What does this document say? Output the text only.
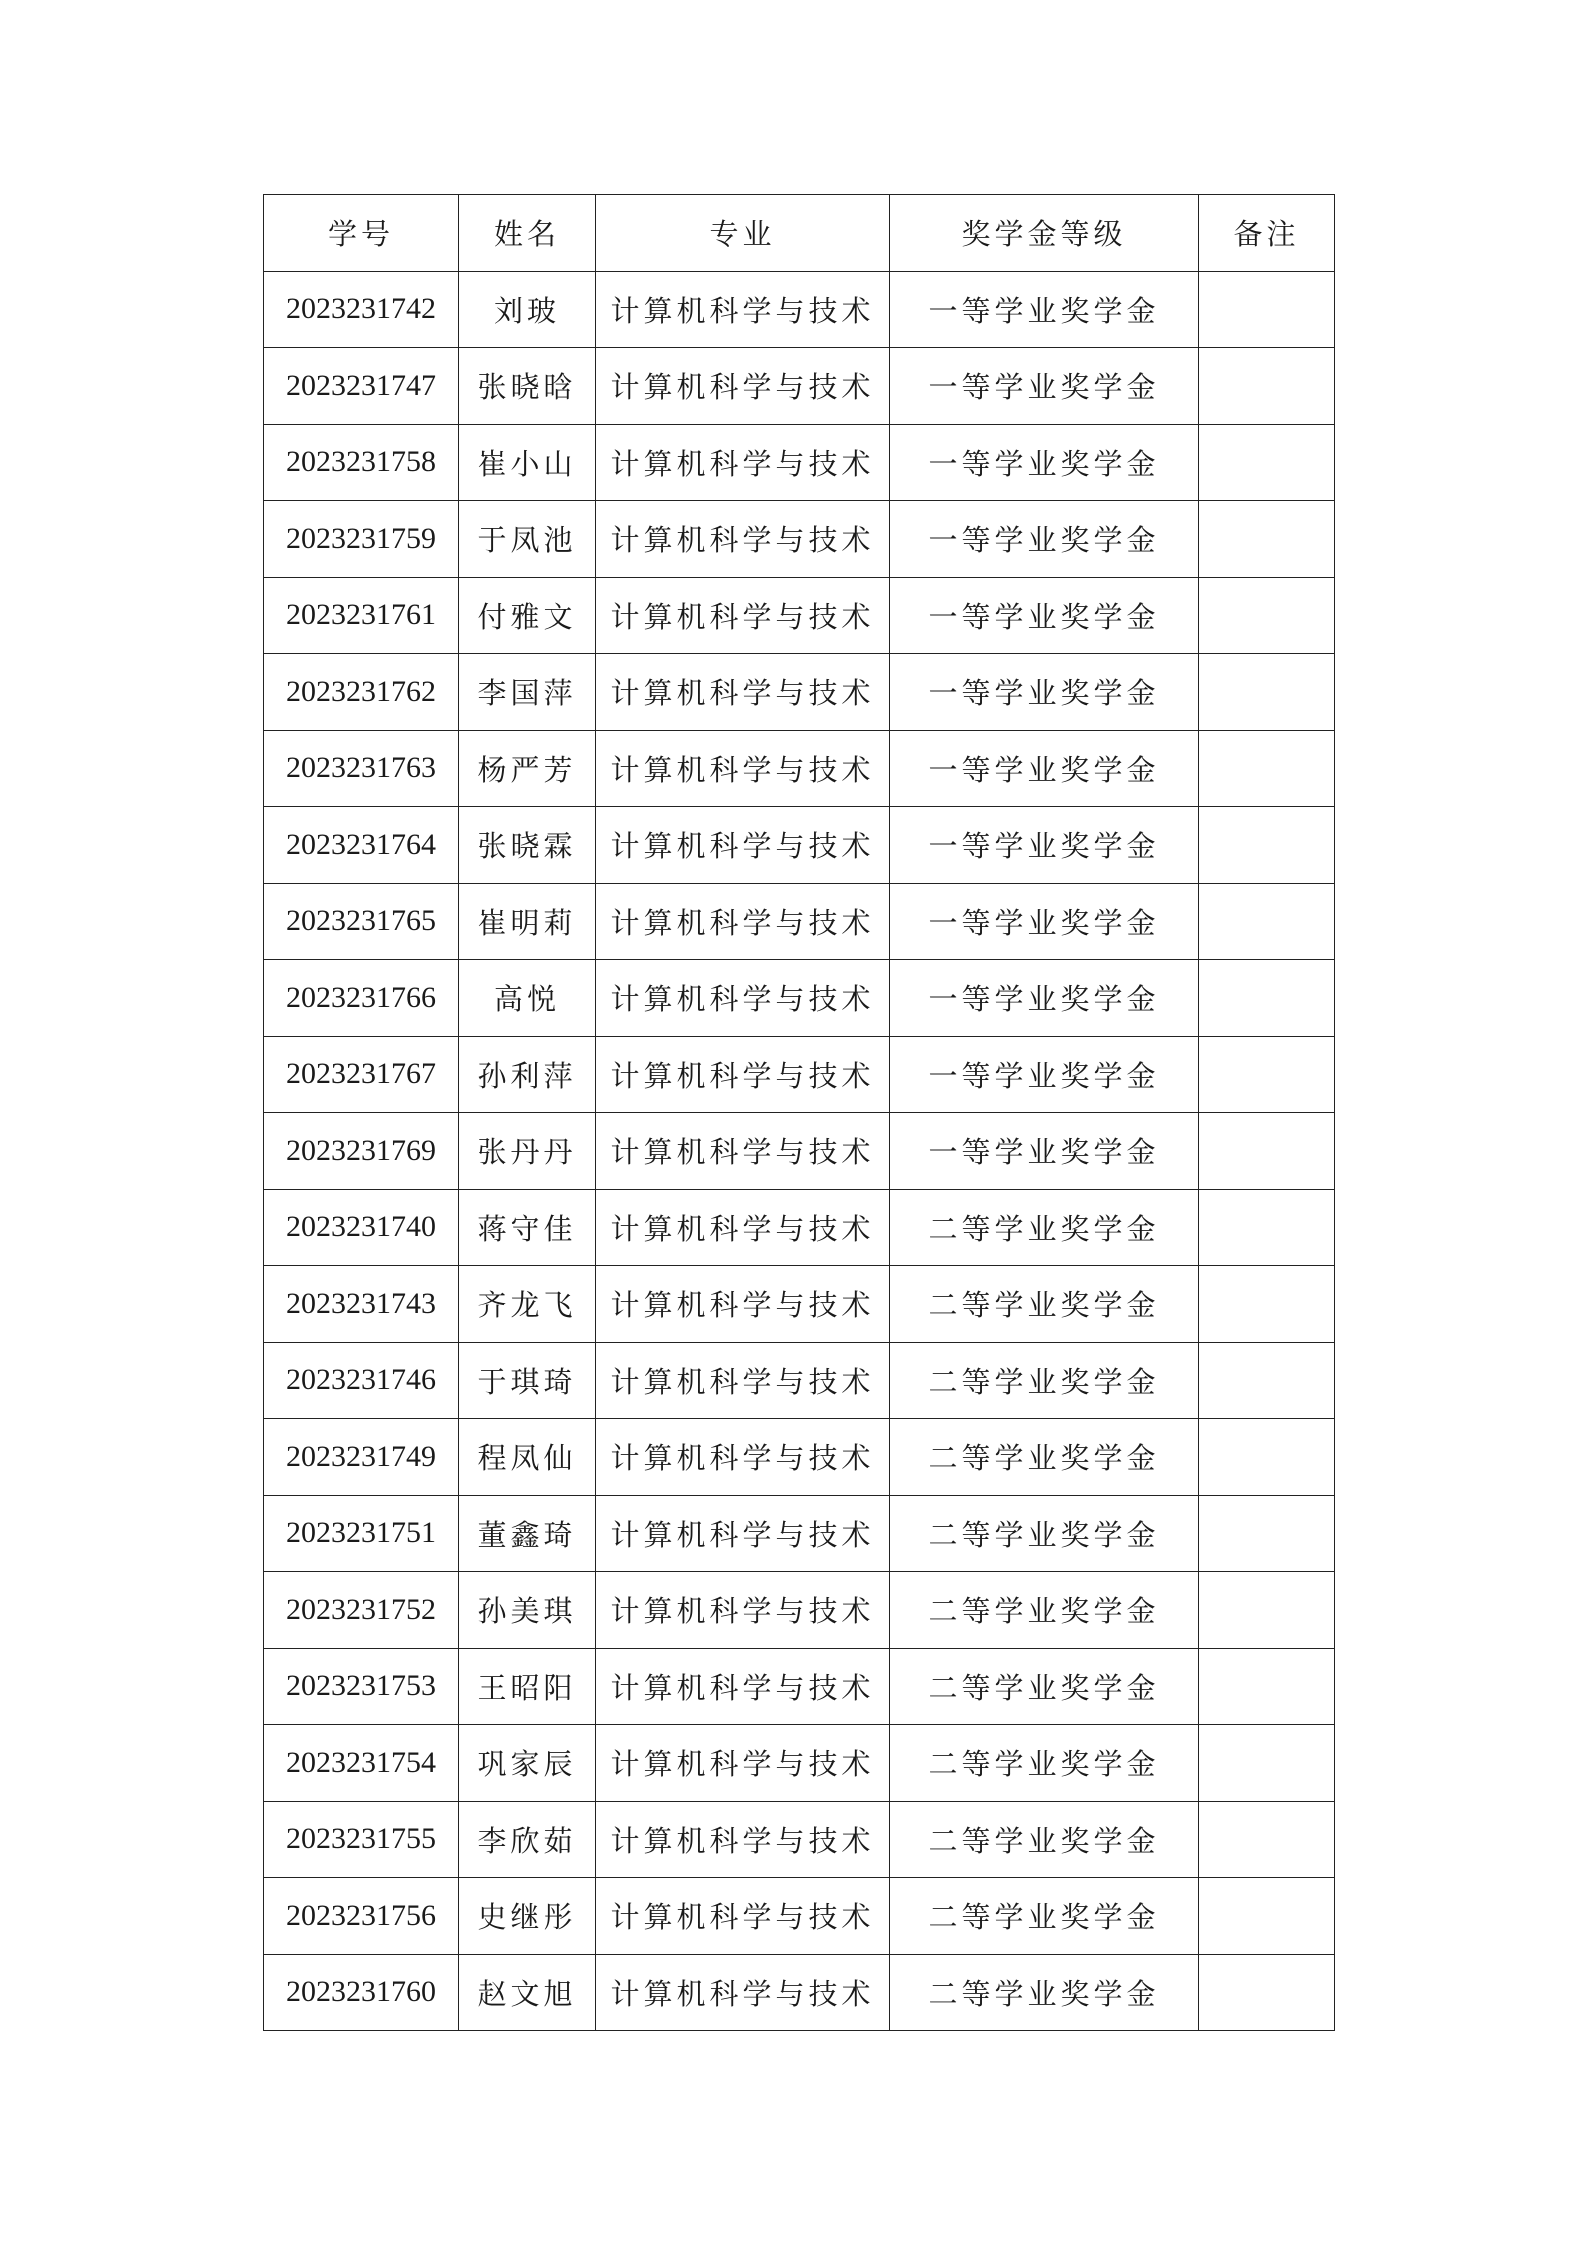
学号	姓名	专业	奖学金等级	备注
2023231742	刘玻	计算机科学与技术	一等学业奖学金	
2023231747	张晓晗	计算机科学与技术	一等学业奖学金	
2023231758	崔小山	计算机科学与技术	一等学业奖学金	
2023231759	于凤池	计算机科学与技术	一等学业奖学金	
2023231761	付雅文	计算机科学与技术	一等学业奖学金	
2023231762	李国萍	计算机科学与技术	一等学业奖学金	
2023231763	杨严芳	计算机科学与技术	一等学业奖学金	
2023231764	张晓霖	计算机科学与技术	一等学业奖学金	
2023231765	崔明莉	计算机科学与技术	一等学业奖学金	
2023231766	高悦	计算机科学与技术	一等学业奖学金	
2023231767	孙利萍	计算机科学与技术	一等学业奖学金	
2023231769	张丹丹	计算机科学与技术	一等学业奖学金	
2023231740	蒋守佳	计算机科学与技术	二等学业奖学金	
2023231743	齐龙飞	计算机科学与技术	二等学业奖学金	
2023231746	于琪琦	计算机科学与技术	二等学业奖学金	
2023231749	程凤仙	计算机科学与技术	二等学业奖学金	
2023231751	董鑫琦	计算机科学与技术	二等学业奖学金	
2023231752	孙美琪	计算机科学与技术	二等学业奖学金	
2023231753	王昭阳	计算机科学与技术	二等学业奖学金	
2023231754	巩家辰	计算机科学与技术	二等学业奖学金	
2023231755	李欣茹	计算机科学与技术	二等学业奖学金	
2023231756	史继彤	计算机科学与技术	二等学业奖学金	
2023231760	赵文旭	计算机科学与技术	二等学业奖学金	
